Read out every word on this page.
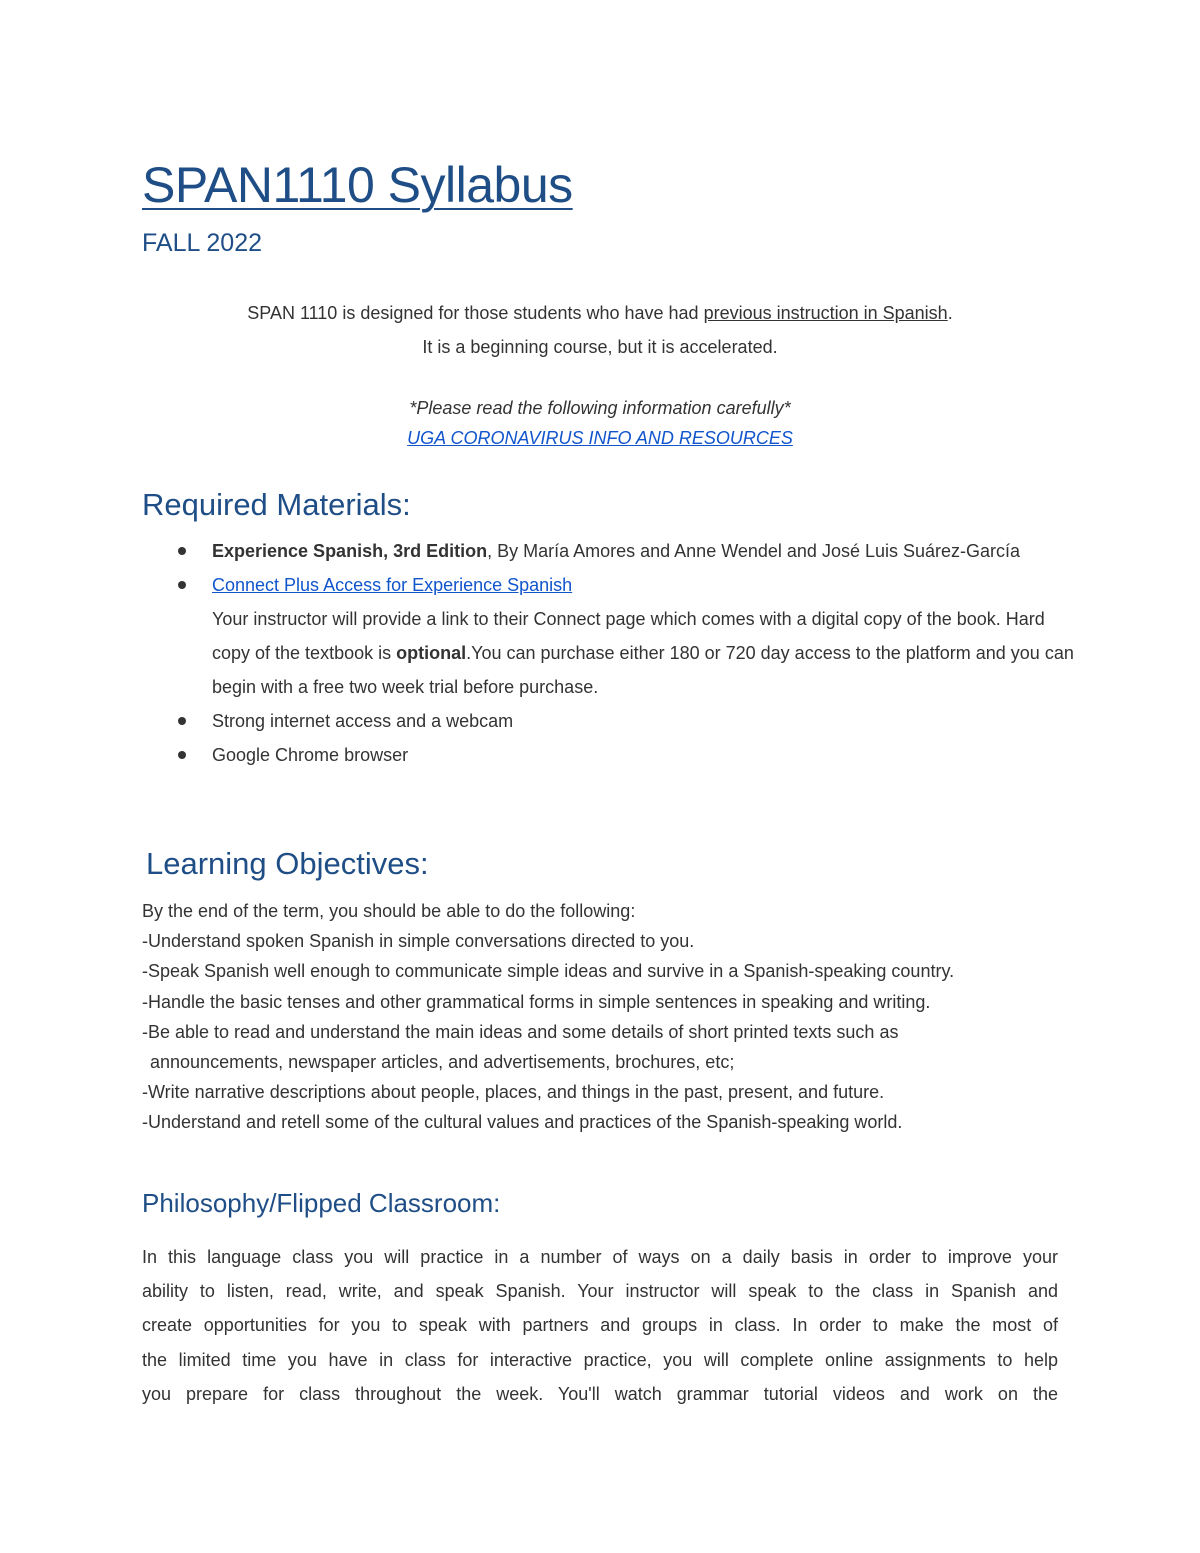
SPAN1110 Syllabus
FALL 2022
SPAN 1110 is designed for those students who have had previous instruction in Spanish.
It is a beginning course, but it is accelerated.
*Please read the following information carefully*
UGA CORONAVIRUS INFO AND RESOURCES
Required Materials:
Experience Spanish, 3rd Edition, By María Amores and Anne Wendel and José Luis Suárez-García
Connect Plus Access for Experience Spanish
Your instructor will provide a link to their Connect page which comes with a digital copy of the book. Hard copy of the textbook is optional.You can purchase either 180 or 720 day access to the platform and you can begin with a free two week trial before purchase.
Strong internet access and a webcam
Google Chrome browser
Learning Objectives:
By the end of the term, you should be able to do the following:
-Understand spoken Spanish in simple conversations directed to you.
-Speak Spanish well enough to communicate simple ideas and survive in a Spanish-speaking country.
-Handle the basic tenses and other grammatical forms in simple sentences in speaking and writing.
-Be able to read and understand the main ideas and some details of short printed texts such as
announcements, newspaper articles, and advertisements, brochures, etc;
-Write narrative descriptions about people, places, and things in the past, present, and future.
-Understand and retell some of the cultural values and practices of the Spanish-speaking world.
Philosophy/Flipped Classroom:
In this language class you will practice in a number of ways on a daily basis in order to improve your
ability to listen, read, write, and speak Spanish. Your instructor will speak to the class in Spanish and
create opportunities for you to speak with partners and groups in class. In order to make the most of
the limited time you have in class for interactive practice, you will complete online assignments to help
you prepare for class throughout the week. You'll watch grammar tutorial videos and work on the
